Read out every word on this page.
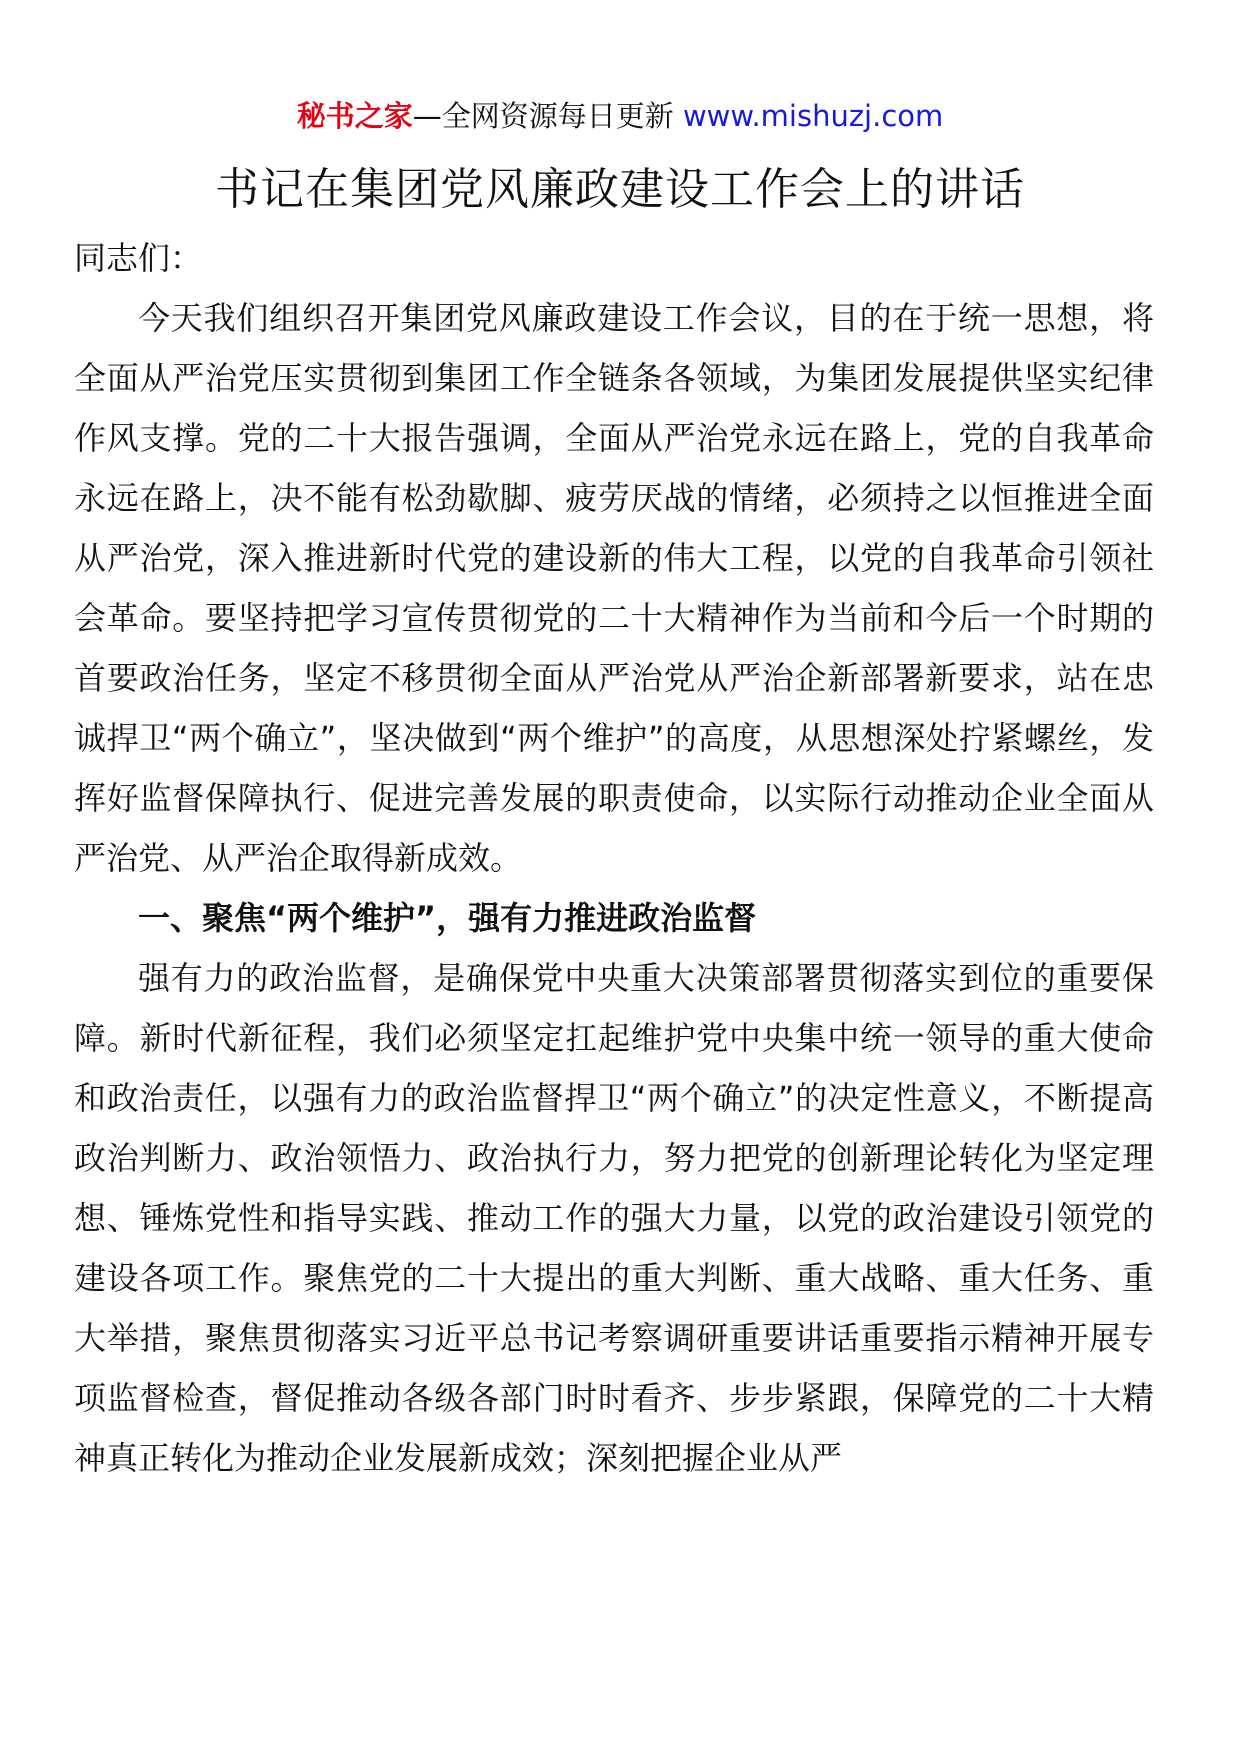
秘书之家—全网资源每日更新 www.mishuzj.com
书记在集团党风廉政建设工作会上的讲话

同志们：

今天我们组织召开集团党风廉政建设工作会议，目的在于统一思想，将全面从严治党压实贯彻到集团工作全链条各领域，为集团发展提供坚实纪律作风支撑。党的二十大报告强调，全面从严治党永远在路上，党的自我革命永远在路上，决不能有松劲歇脚、疲劳厌战的情绪，必须持之以恒推进全面从严治党，深入推进新时代党的建设新的伟大工程，以党的自我革命引领社会革命。要坚持把学习宣传贯彻党的二十大精神作为当前和今后一个时期的首要政治任务，坚定不移贯彻全面从严治党从严治企新部署新要求，站在忠诚捍卫“两个确立”，坚决做到“两个维护”的高度，从思想深处拧紧螺丝，发挥好监督保障执行、促进完善发展的职责使命，以实际行动推动企业全面从严治党、从严治企取得新成效。

一、聚焦“两个维护”，强有力推进政治监督

强有力的政治监督，是确保党中央重大决策部署贯彻落实到位的重要保障。新时代新征程，我们必须坚定扛起维护党中央集中统一领导的重大使命和政治责任，以强有力的政治监督捍卫“两个确立”的决定性意义，不断提高政治判断力、政治领悟力、政治执行力，努力把党的创新理论转化为坚定理想、锤炼党性和指导实践、推动工作的强大力量，以党的政治建设引领党的建设各项工作。聚焦党的二十大提出的重大判断、重大战略、重大任务、重大举措，聚焦贯彻落实习近平总书记考察调研重要讲话重要指示精神开展专项监督检查，督促推动各级各部门时时看齐、步步紧跟，保障党的二十大精神真正转化为推动企业发展新成效；深刻把握企业从严
